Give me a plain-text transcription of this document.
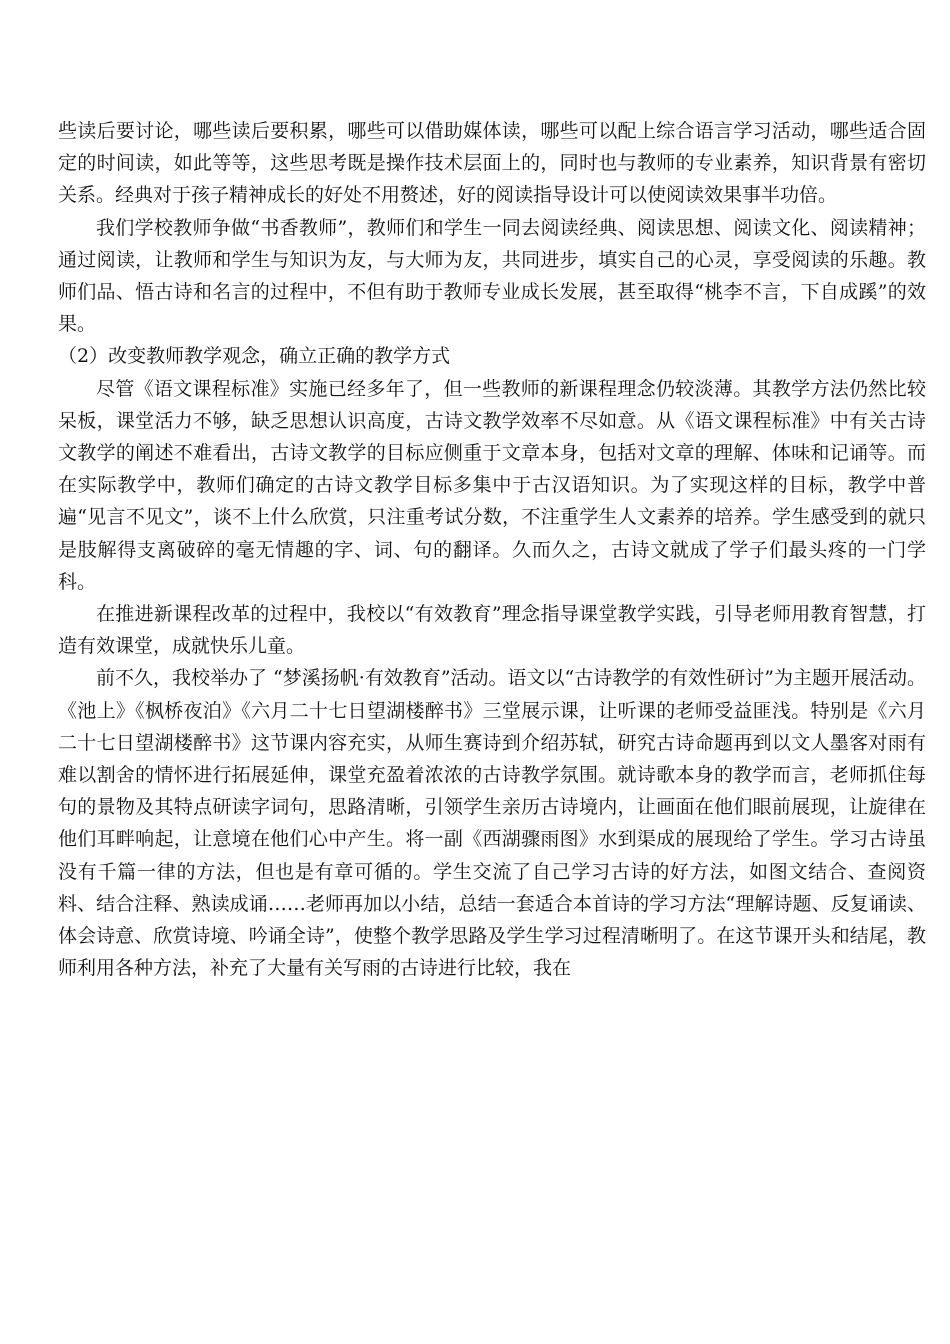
些读后要讨论，哪些读后要积累，哪些可以借助媒体读，哪些可以配上综合语言学习活动，哪些适合固定的时间读，如此等等，这些思考既是操作技术层面上的，同时也与教师的专业素养，知识背景有密切关系。经典对于孩子精神成长的好处不用赘述，好的阅读指导设计可以使阅读效果事半功倍。

我们学校教师争做“书香教师”，教师们和学生一同去阅读经典、阅读思想、阅读文化、阅读精神；通过阅读，让教师和学生与知识为友，与大师为友，共同进步，填实自己的心灵，享受阅读的乐趣。教师们品、悟古诗和名言的过程中，不但有助于教师专业成长发展，甚至取得“桃李不言，下自成蹊”的效果。

（2）改变教师教学观念，确立正确的教学方式

尽管《语文课程标准》实施已经多年了，但一些教师的新课程理念仍较淡薄。其教学方法仍然比较呆板，课堂活力不够，缺乏思想认识高度，古诗文教学效率不尽如意。从《语文课程标准》中有关古诗文教学的阐述不难看出，古诗文教学的目标应侧重于文章本身，包括对文章的理解、体味和记诵等。而在实际教学中，教师们确定的古诗文教学目标多集中于古汉语知识。为了实现这样的目标，教学中普遍“见言不见文”，谈不上什么欣赏，只注重考试分数，不注重学生人文素养的培养。学生感受到的就只是肢解得支离破碎的毫无情趣的字、词、句的翻译。久而久之，古诗文就成了学子们最头疼的一门学科。

在推进新课程改革的过程中，我校以“有效教育”理念指导课堂教学实践，引导老师用教育智慧，打造有效课堂，成就快乐儿童。

前不久，我校举办了 “梦溪扬帆·有效教育”活动。语文以“古诗教学的有效性研讨”为主题开展活动。《池上》《枫桥夜泊》《六月二十七日望湖楼醉书》三堂展示课，让听课的老师受益匪浅。特别是《六月二十七日望湖楼醉书》这节课内容充实，从师生赛诗到介绍苏轼，研究古诗命题再到以文人墨客对雨有难以割舍的情怀进行拓展延伸，课堂充盈着浓浓的古诗教学氛围。就诗歌本身的教学而言，老师抓住每句的景物及其特点研读字词句，思路清晰，引领学生亲历古诗境内，让画面在他们眼前展现，让旋律在他们耳畔响起，让意境在他们心中产生。将一副《西湖骤雨图》水到渠成的展现给了学生。学习古诗虽没有千篇一律的方法，但也是有章可循的。学生交流了自己学习古诗的好方法，如图文结合、查阅资料、结合注释、熟读成诵……老师再加以小结，总结一套适合本首诗的学习方法“理解诗题、反复诵读、体会诗意、欣赏诗境、吟诵全诗”，使整个教学思路及学生学习过程清晰明了。在这节课开头和结尾，教师利用各种方法，补充了大量有关写雨的古诗进行比较，我在
